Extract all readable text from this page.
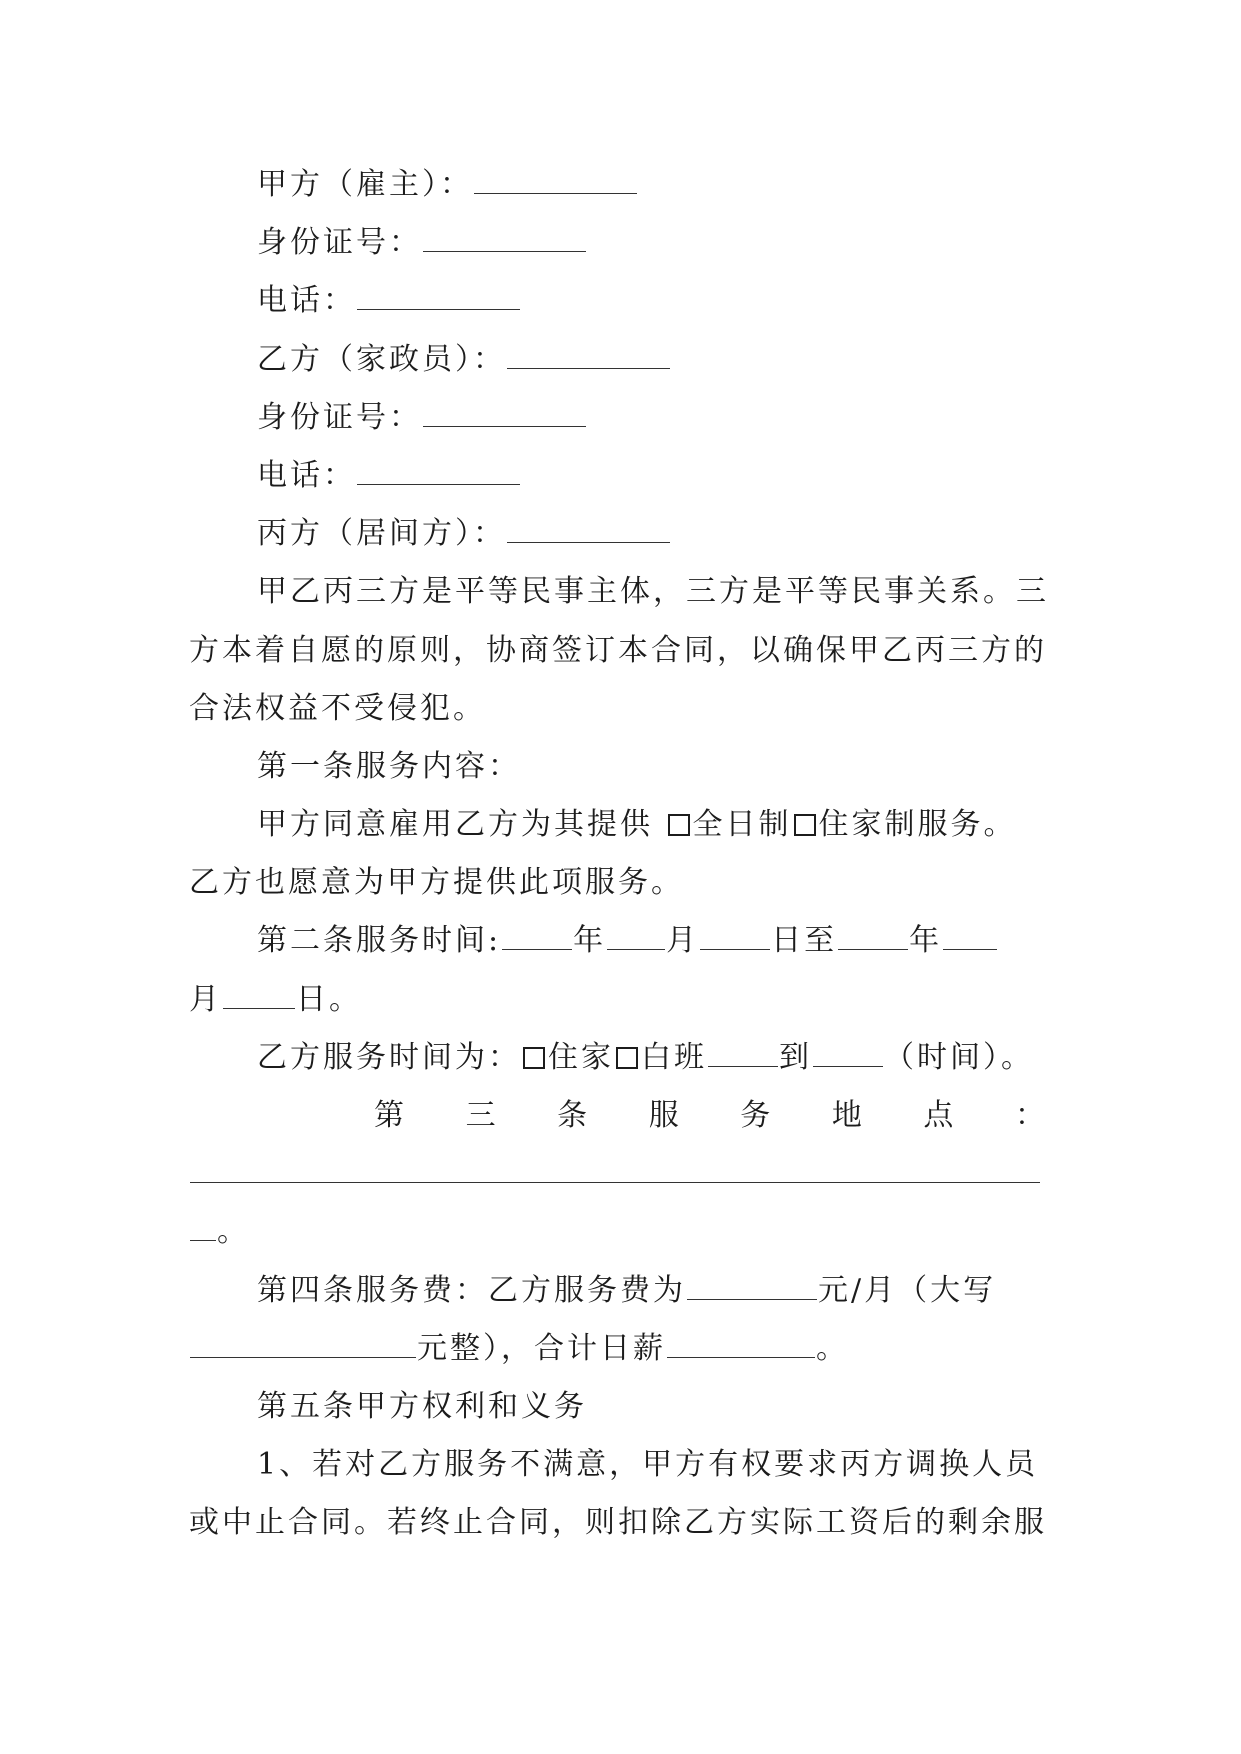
甲方（雇主）：
身份证号：
电话：
乙方（家政员）：
身份证号：
电话：
丙方（居间方）：
甲乙丙三方是平等民事主体，三方是平等民事关系。三
方本着自愿的原则，协商签订本合同，以确保甲乙丙三方的
合法权益不受侵犯。
第一条服务内容：
甲方同意雇用乙方为其提供 全日制 住家制服务。
乙方也愿意为甲方提供此项服务。
第二条服务时间: 年 月 日至 年
月 日。
乙方服务时间为： 住家 白班 到 （时间）。
第 三 条 服 务 地 点 ：
。
第四条服务费：乙方服务费为	元/月（大写
元整），合计日薪	。
第五条甲方权利和义务
1、若对乙方服务不满意，甲方有权要求丙方调换人员
或中止合同。若终止合同，则扣除乙方实际工资后的剩余服
